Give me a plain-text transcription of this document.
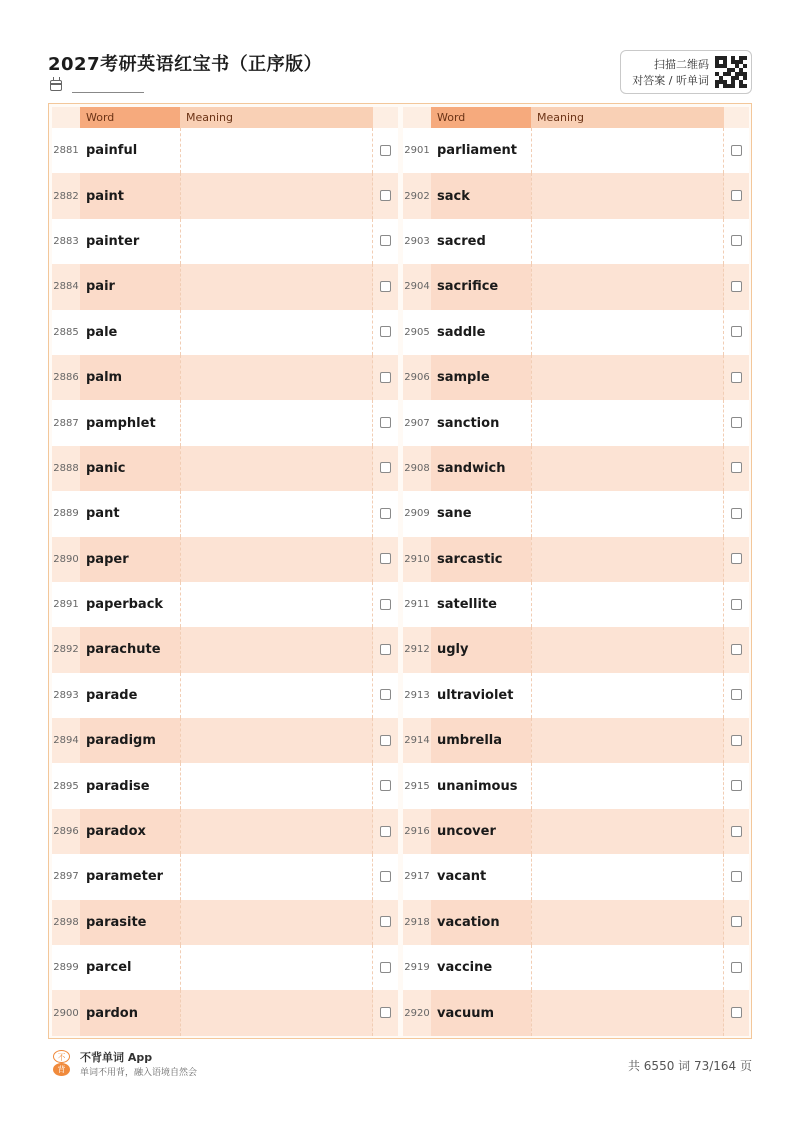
2027考研英语红宝书（正序版）	扫描二维码
对答案 / 听单词
Word	Meaning
2881 painful
2882 paint
2883 painter
2884 pair
2885 pale
2886 palm
2887 pamphlet
2888 panic
2889 pant
2890 paper
2891 paperback
2892 parachute
2893 parade
2894 paradigm
2895 paradise
2896 paradox
2897 parameter
2898 parasite
2899 parcel
2900 pardon
Word	Meaning
2901 parliament
2902 sack
2903 sacred
2904 sacrifice
2905 saddle
2906 sample
2907 sanction
2908 sandwich
2909 sane
2910 sarcastic
2911 satellite
2912 ugly
2913 ultraviolet
2914 umbrella
2915 unanimous
2916 uncover
2917 vacant
2918 vacation
2919 vaccine
2920 vacuum
不
背
不背单词 App
单词不用背，融入语境自然会	共 6550 词 73/164 页
